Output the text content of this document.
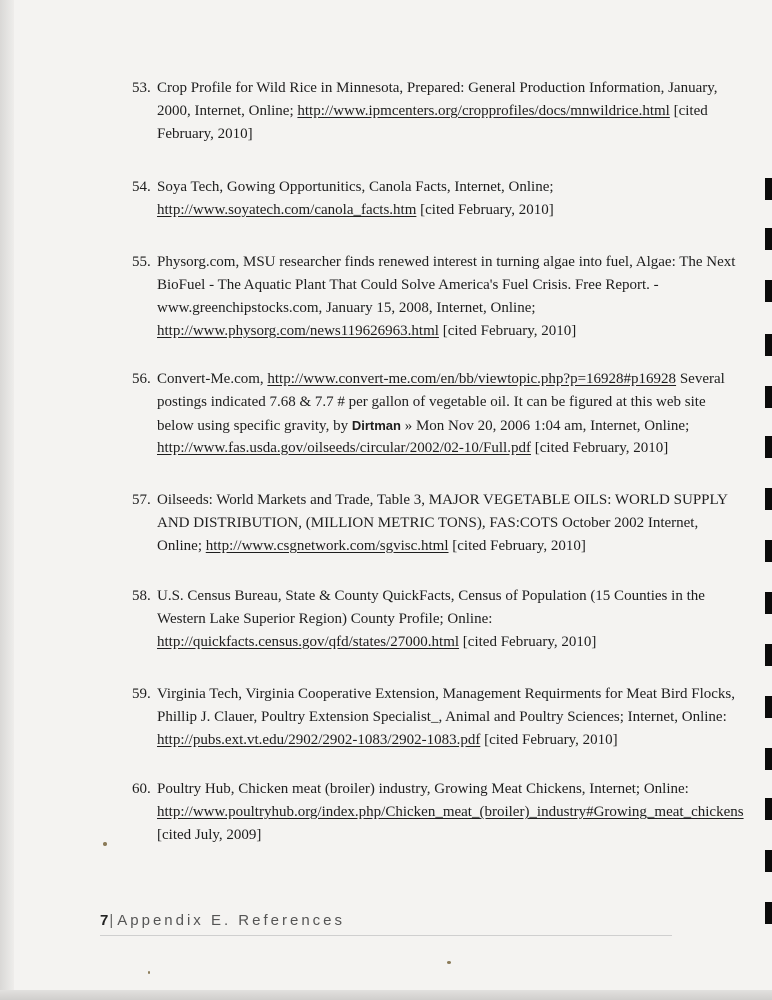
53. Crop Profile for Wild Rice in Minnesota, Prepared: General Production Information, January,
2000, Internet, Online; http://www.ipmcenters.org/cropprofiles/docs/mnwildrice.html [cited
February, 2010]
54. Soya Tech, Gowing Opportunitics, Canola Facts, Internet, Online;
http://www.soyatech.com/canola_facts.htm [cited February, 2010]
55. Physorg.com, MSU researcher finds renewed interest in turning algae into fuel, Algae: The Next
BioFuel - The Aquatic Plant That Could Solve America's Fuel Crisis. Free Report. -
www.greenchipstocks.com, January 15, 2008, Internet, Online;
http://www.physorg.com/news119626963.html [cited February, 2010]
56. Convert-Me.com, http://www.convert-me.com/en/bb/viewtopic.php?p=16928#p16928 Several
postings indicated 7.68 & 7.7 # per gallon of vegetable oil. It can be figured at this web site
below using specific gravity, by Dirtman » Mon Nov 20, 2006 1:04 am, Internet, Online;
http://www.fas.usda.gov/oilseeds/circular/2002/02-10/Full.pdf [cited February, 2010]
57. Oilseeds: World Markets and Trade, Table 3, MAJOR VEGETABLE OILS: WORLD SUPPLY
AND DISTRIBUTION, (MILLION METRIC TONS), FAS:COTS October 2002 Internet,
Online; http://www.csgnetwork.com/sgvisc.html [cited February, 2010]
58. U.S. Census Bureau, State & County QuickFacts, Census of Population (15 Counties in the
Western Lake Superior Region) County Profile; Online:
http://quickfacts.census.gov/qfd/states/27000.html [cited February, 2010]
59. Virginia Tech, Virginia Cooperative Extension, Management Requirments for Meat Bird Flocks,
Phillip J. Clauer, Poultry Extension Specialist_, Animal and Poultry Sciences; Internet, Online:
http://pubs.ext.vt.edu/2902/2902-1083/2902-1083.pdf [cited February, 2010]
60. Poultry Hub, Chicken meat (broiler) industry, Growing Meat Chickens, Internet; Online:
http://www.poultryhub.org/index.php/Chicken_meat_(broiler)_industry#Growing_meat_chickens
[cited July, 2009]
7| Appendix E. References
